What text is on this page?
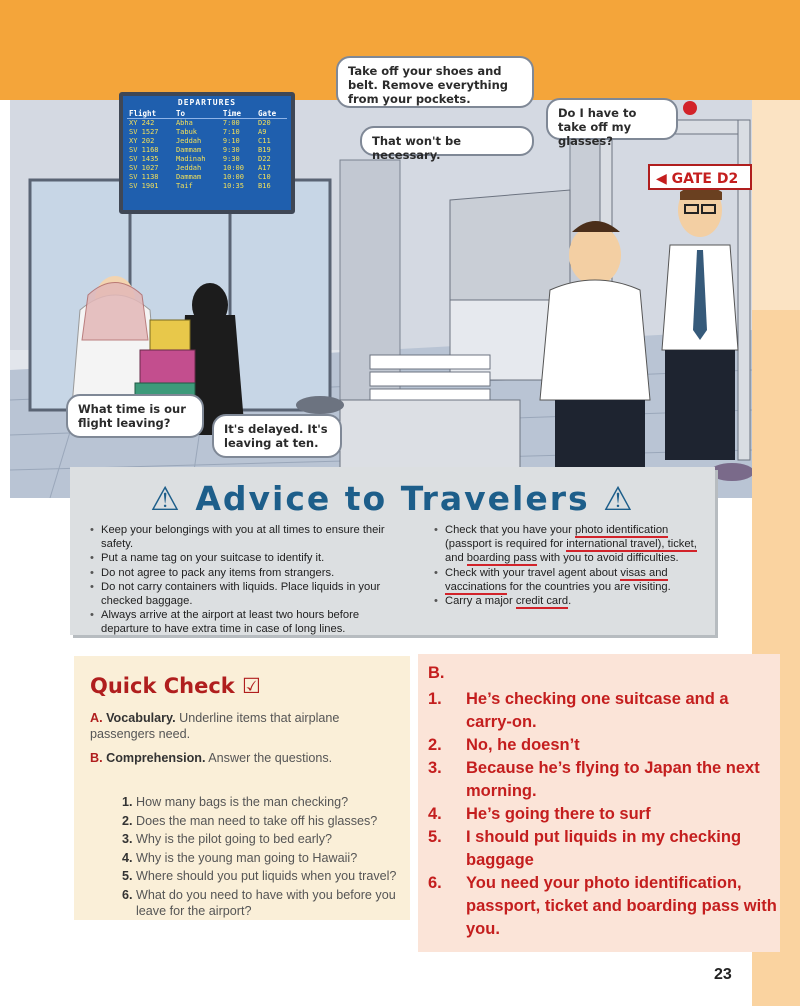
DEPARTURES
Flight	To	Time	Gate
XY 242	Abha	7:00	D20
SV 1527	Tabuk	7:10	A9
XY 202	Jeddah	9:10	C11
SV 1168	Dammam	9:30	B19
SV 1435	Madinah	9:30	D22
SV 1027	Jeddah	10:00	A17
SV 1138	Dammam	10:00	C10
SV 1901	Taif	10:35	B16
Take off your shoes and belt. Remove everything from your pockets.
That won't be necessary.
Do I have to take off my glasses?
What time is our flight leaving?	It's delayed. It's leaving at ten.
◀ GATE D2
⚠ Advice to Travelers ⚠
• Keep your belongings with you at all times to ensure their safety.
• Put a name tag on your suitcase to identify it.
• Do not agree to pack any items from strangers.
• Do not carry containers with liquids. Place liquids in your checked baggage.
• Always arrive at the airport at least two hours before departure to have extra time in case of long lines.
• Check that you have your photo identification (passport is required for international travel), ticket, and boarding pass with you to avoid difficulties.
• Check with your travel agent about visas and vaccinations for the countries you are visiting.
• Carry a major credit card.
Quick Check ☑
A. Vocabulary. Underline items that airplane passengers need.
B. Comprehension. Answer the questions.
1. How many bags is the man checking?
2. Does the man need to take off his glasses?
3. Why is the pilot going to bed early?
4. Why is the young man going to Hawaii?
5. Where should you put liquids when you travel?
6. What do you need to have with you before you leave for the airport?
B.
1. He’s checking one suitcase and a carry-on.
2. No, he doesn’t
3. Because he’s flying to Japan the next morning.
4. He’s going there to surf
5. I should put liquids in my checking baggage
6. You need your photo identification, passport, ticket and boarding pass with you.
23
